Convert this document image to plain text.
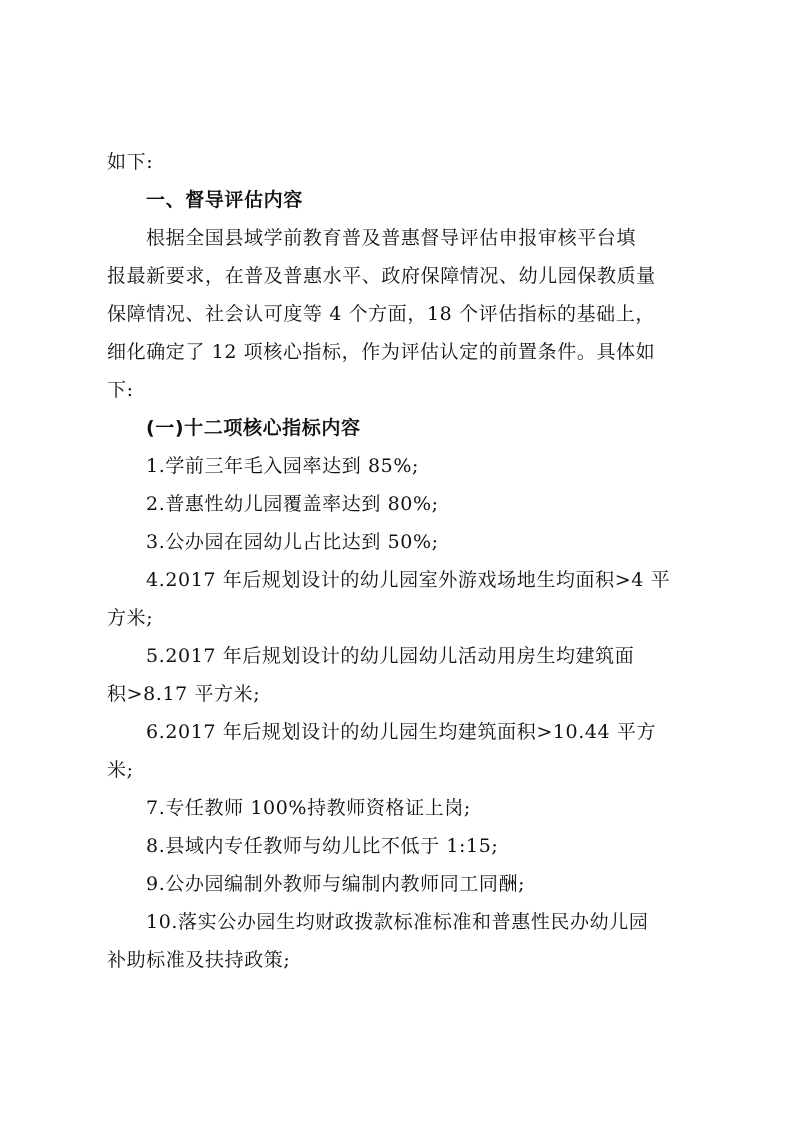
如下:
一、督导评估内容
根据全国县域学前教育普及普惠督导评估申报审核平台填
报最新要求，在普及普惠水平、政府保障情况、幼儿园保教质量
保障情况、社会认可度等 4 个方面，18 个评估指标的基础上，
细化确定了 12 项核心指标，作为评估认定的前置条件。具体如
下:
(一)十二项核心指标内容
1.学前三年毛入园率达到 85%;
2.普惠性幼儿园覆盖率达到 80%;
3.公办园在园幼儿占比达到 50%;
4.2017 年后规划设计的幼儿园室外游戏场地生均面积>4 平
方米;
5.2017 年后规划设计的幼儿园幼儿活动用房生均建筑面
积>8.17 平方米;
6.2017 年后规划设计的幼儿园生均建筑面积>10.44 平方
米;
7.专任教师 100%持教师资格证上岗;
8.县域内专任教师与幼儿比不低于 1:15;
9.公办园编制外教师与编制内教师同工同酬;
10.落实公办园生均财政拨款标准标准和普惠性民办幼儿园
补助标准及扶持政策;
